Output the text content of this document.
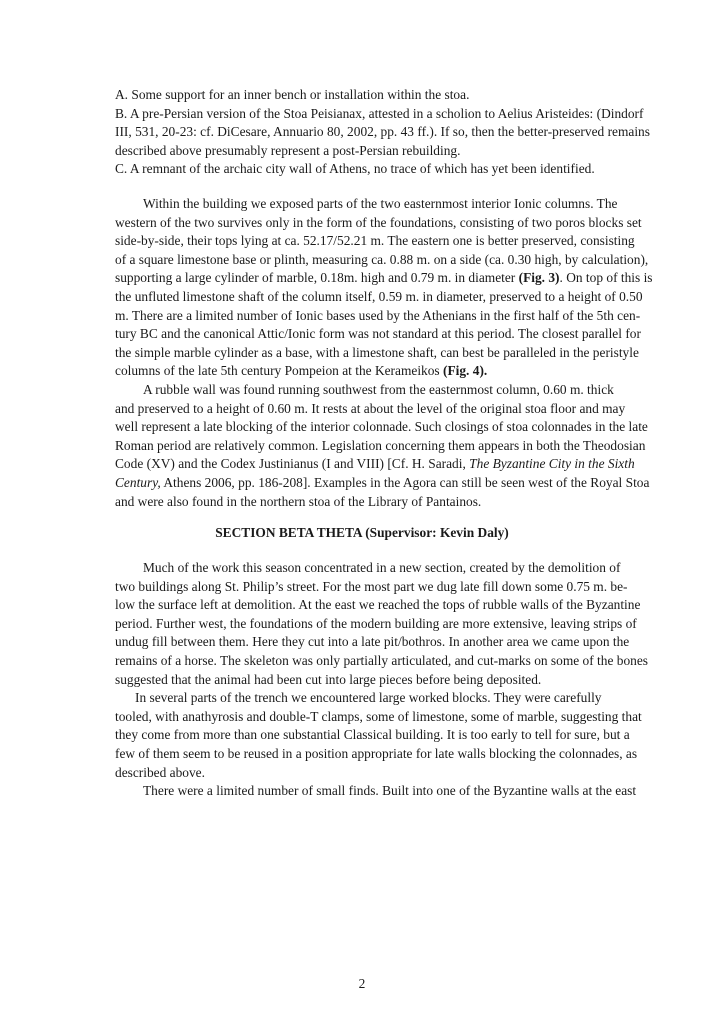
A. Some support for an inner bench or installation within the stoa.
B. A pre-Persian version of the Stoa Peisianax, attested in a scholion to Aelius Aristeides: (Dindorf
III, 531, 20-23: cf. DiCesare, Annuario 80, 2002, pp. 43 ff.). If so, then the better-preserved remains
described above presumably represent a post-Persian rebuilding.
C. A remnant of the archaic city wall of Athens, no trace of which has yet been identified.
Within the building we exposed parts of the two easternmost interior Ionic columns. The
western of the two survives only in the form of the foundations, consisting of two poros blocks set
side-by-side, their tops lying at ca. 52.17/52.21 m. The eastern one is better preserved, consisting
of a square limestone base or plinth, measuring ca. 0.88 m. on a side (ca. 0.30 high, by calculation),
supporting a large cylinder of marble, 0.18m. high and 0.79 m. in diameter (Fig. 3). On top of this is
the unfluted limestone shaft of the column itself, 0.59 m. in diameter, preserved to a height of 0.50
m. There are a limited number of Ionic bases used by the Athenians in the first half of the 5th cen-
tury BC and the canonical Attic/Ionic form was not standard at this period. The closest parallel for
the simple marble cylinder as a base, with a limestone shaft, can best be paralleled in the peristyle
columns of the late 5th century Pompeion at the Kerameikos (Fig. 4).
A rubble wall was found running southwest from the easternmost column, 0.60 m. thick
and preserved to a height of 0.60 m. It rests at about the level of the original stoa floor and may
well represent a late blocking of the interior colonnade. Such closings of stoa colonnades in the late
Roman period are relatively common. Legislation concerning them appears in both the Theodosian
Code (XV) and the Codex Justinianus (I and VIII) [Cf. H. Saradi, The Byzantine City in the Sixth
Century, Athens 2006, pp. 186-208]. Examples in the Agora can still be seen west of the Royal Stoa
and were also found in the northern stoa of the Library of Pantainos.
SECTION BETA THETA (Supervisor: Kevin Daly)
Much of the work this season concentrated in a new section, created by the demolition of
two buildings along St. Philip’s street. For the most part we dug late fill down some 0.75 m. be-
low the surface left at demolition. At the east we reached the tops of rubble walls of the Byzantine
period. Further west, the foundations of the modern building are more extensive, leaving strips of
undug fill between them. Here they cut into a late pit/bothros. In another area we came upon the
remains of a horse. The skeleton was only partially articulated, and cut-marks on some of the bones
suggested that the animal had been cut into large pieces before being deposited.
In several parts of the trench we encountered large worked blocks. They were carefully
tooled, with anathyrosis and double-T clamps, some of limestone, some of marble, suggesting that
they come from more than one substantial Classical building. It is too early to tell for sure, but a
few of them seem to be reused in a position appropriate for late walls blocking the colonnades, as
described above.
There were a limited number of small finds. Built into one of the Byzantine walls at the east
2
